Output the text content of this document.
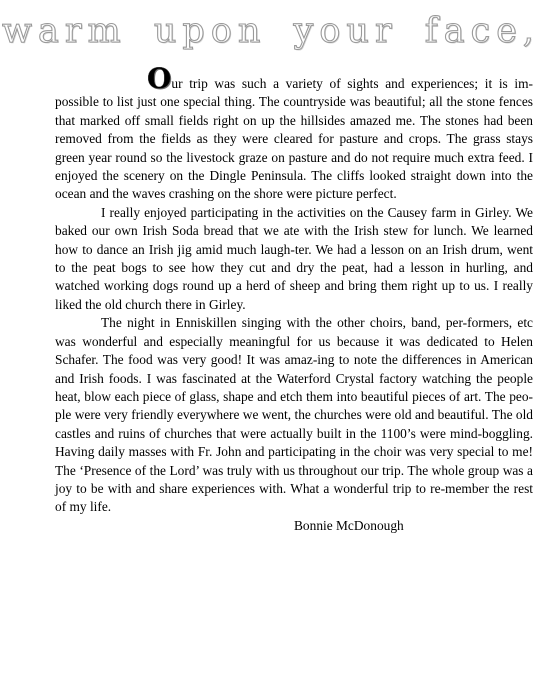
warm upon your face,

Our trip was such a variety of sights and experiences; it is im-possible to list just one special thing. The countryside was beautiful; all the stone fences that marked off small fields right on up the hillsides amazed me. The stones had been removed from the fields as they were cleared for pasture and crops. The grass stays green year round so the livestock graze on pasture and do not require much extra feed. I enjoyed the scenery on the Dingle Peninsula. The cliffs looked straight down into the ocean and the waves crashing on the shore were picture perfect.

I really enjoyed participating in the activities on the Causey farm in Girley. We baked our own Irish Soda bread that we ate with the Irish stew for lunch. We learned how to dance an Irish jig amid much laugh-ter. We had a lesson on an Irish drum, went to the peat bogs to see how they cut and dry the peat, had a lesson in hurling, and watched working dogs round up a herd of sheep and bring them right up to us. I really liked the old church there in Girley.

The night in Enniskillen singing with the other choirs, band, per-formers, etc was wonderful and especially meaningful for us because it was dedicated to Helen Schafer. The food was very good! It was amaz-ing to note the differences in American and Irish foods. I was fascinated at the Waterford Crystal factory watching the people heat, blow each piece of glass, shape and etch them into beautiful pieces of art. The peo-ple were very friendly everywhere we went, the churches were old and beautiful. The old castles and ruins of churches that were actually built in the 1100’s were mind-boggling. Having daily masses with Fr. John and participating in the choir was very special to me! The ‘Presence of the Lord’ was truly with us throughout our trip. The whole group was a joy to be with and share experiences with. What a wonderful trip to re-member the rest of my life.

Bonnie McDonough
